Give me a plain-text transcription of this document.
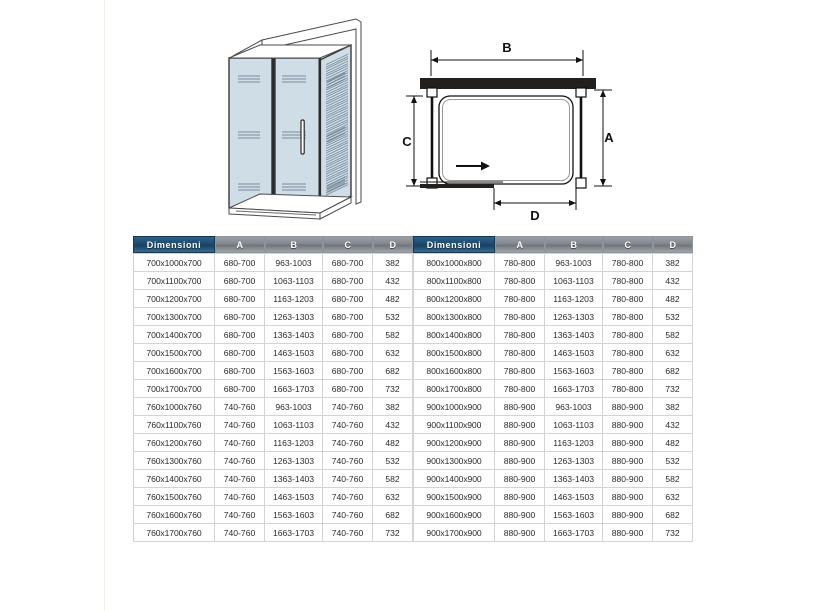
B
A
C
D
Dimensioni	A	B	C	D
700x1000x700	680-700	963-1003	680-700	382
700x1100x700	680-700	1063-1103	680-700	432
700x1200x700	680-700	1163-1203	680-700	482
700x1300x700	680-700	1263-1303	680-700	532
700x1400x700	680-700	1363-1403	680-700	582
700x1500x700	680-700	1463-1503	680-700	632
700x1600x700	680-700	1563-1603	680-700	682
700x1700x700	680-700	1663-1703	680-700	732
760x1000x760	740-760	963-1003	740-760	382
760x1100x760	740-760	1063-1103	740-760	432
760x1200x760	740-760	1163-1203	740-760	482
760x1300x760	740-760	1263-1303	740-760	532
760x1400x760	740-760	1363-1403	740-760	582
760x1500x760	740-760	1463-1503	740-760	632
760x1600x760	740-760	1563-1603	740-760	682
760x1700x760	740-760	1663-1703	740-760	732
Dimensioni	A	B	C	D
800x1000x800	780-800	963-1003	780-800	382
800x1100x800	780-800	1063-1103	780-800	432
800x1200x800	780-800	1163-1203	780-800	482
800x1300x800	780-800	1263-1303	780-800	532
800x1400x800	780-800	1363-1403	780-800	582
800x1500x800	780-800	1463-1503	780-800	632
800x1600x800	780-800	1563-1603	780-800	682
800x1700x800	780-800	1663-1703	780-800	732
900x1000x900	880-900	963-1003	880-900	382
900x1100x900	880-900	1063-1103	880-900	432
900x1200x900	880-900	1163-1203	880-900	482
900x1300x900	880-900	1263-1303	880-900	532
900x1400x900	880-900	1363-1403	880-900	582
900x1500x900	880-900	1463-1503	880-900	632
900x1600x900	880-900	1563-1603	880-900	682
900x1700x900	880-900	1663-1703	880-900	732
